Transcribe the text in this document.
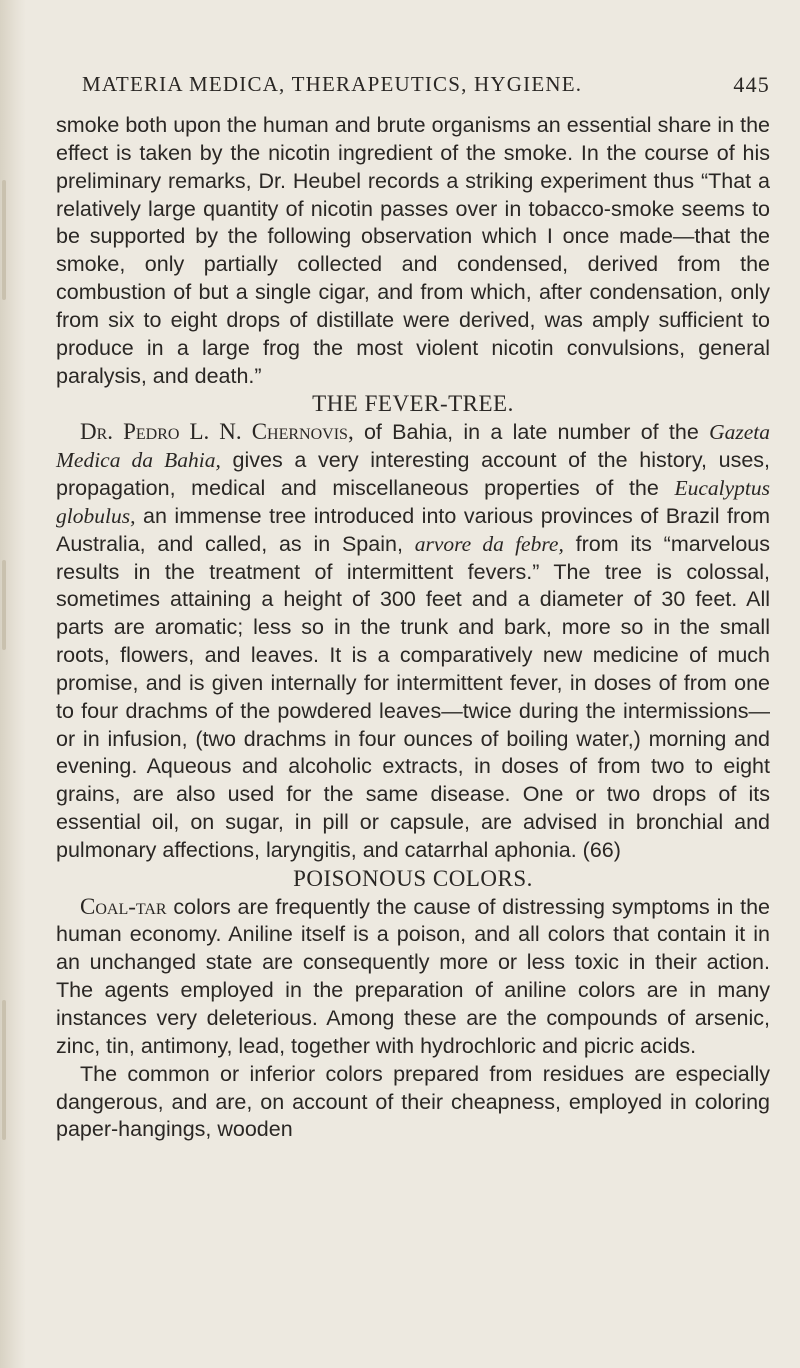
MATERIA MEDICA, THERAPEUTICS, HYGIENE.	445

smoke both upon the human and brute organisms an essential share in the effect is taken by the nicotin ingredient of the smoke. In the course of his preliminary remarks, Dr. Heubel records a striking experiment thus “That a relatively large quantity of nicotin passes over in tobacco-smoke seems to be supported by the following observation which I once made—that the smoke, only partially collected and condensed, derived from the combustion of but a single cigar, and from which, after condensation, only from six to eight drops of distillate were derived, was amply sufficient to produce in a large frog the most violent nicotin convulsions, general paralysis, and death.”

THE FEVER-TREE.

Dr. Pedro L. N. Chernovis, of Bahia, in a late number of the Gazeta Medica da Bahia, gives a very interesting account of the history, uses, propagation, medical and miscellaneous properties of the Eucalyptus globulus, an immense tree introduced into various provinces of Brazil from Australia, and called, as in Spain, arvore da febre, from its “marvelous results in the treatment of intermittent fevers.” The tree is colossal, sometimes attaining a height of 300 feet and a diameter of 30 feet. All parts are aromatic; less so in the trunk and bark, more so in the small roots, flowers, and leaves. It is a comparatively new medicine of much promise, and is given internally for intermittent fever, in doses of from one to four drachms of the powdered leaves—twice during the intermissions—or in infusion, (two drachms in four ounces of boiling water,) morning and evening. Aqueous and alcoholic extracts, in doses of from two to eight grains, are also used for the same disease. One or two drops of its essential oil, on sugar, in pill or capsule, are advised in bronchial and pulmonary affections, laryngitis, and catarrhal aphonia. (66)

POISONOUS COLORS.

Coal-tar colors are frequently the cause of distressing symptoms in the human economy. Aniline itself is a poison, and all colors that contain it in an unchanged state are consequently more or less toxic in their action. The agents employed in the preparation of aniline colors are in many instances very deleterious. Among these are the compounds of arsenic, zinc, tin, antimony, lead, together with hydrochloric and picric acids.

The common or inferior colors prepared from residues are especially dangerous, and are, on account of their cheapness, employed in coloring paper-hangings, wooden
